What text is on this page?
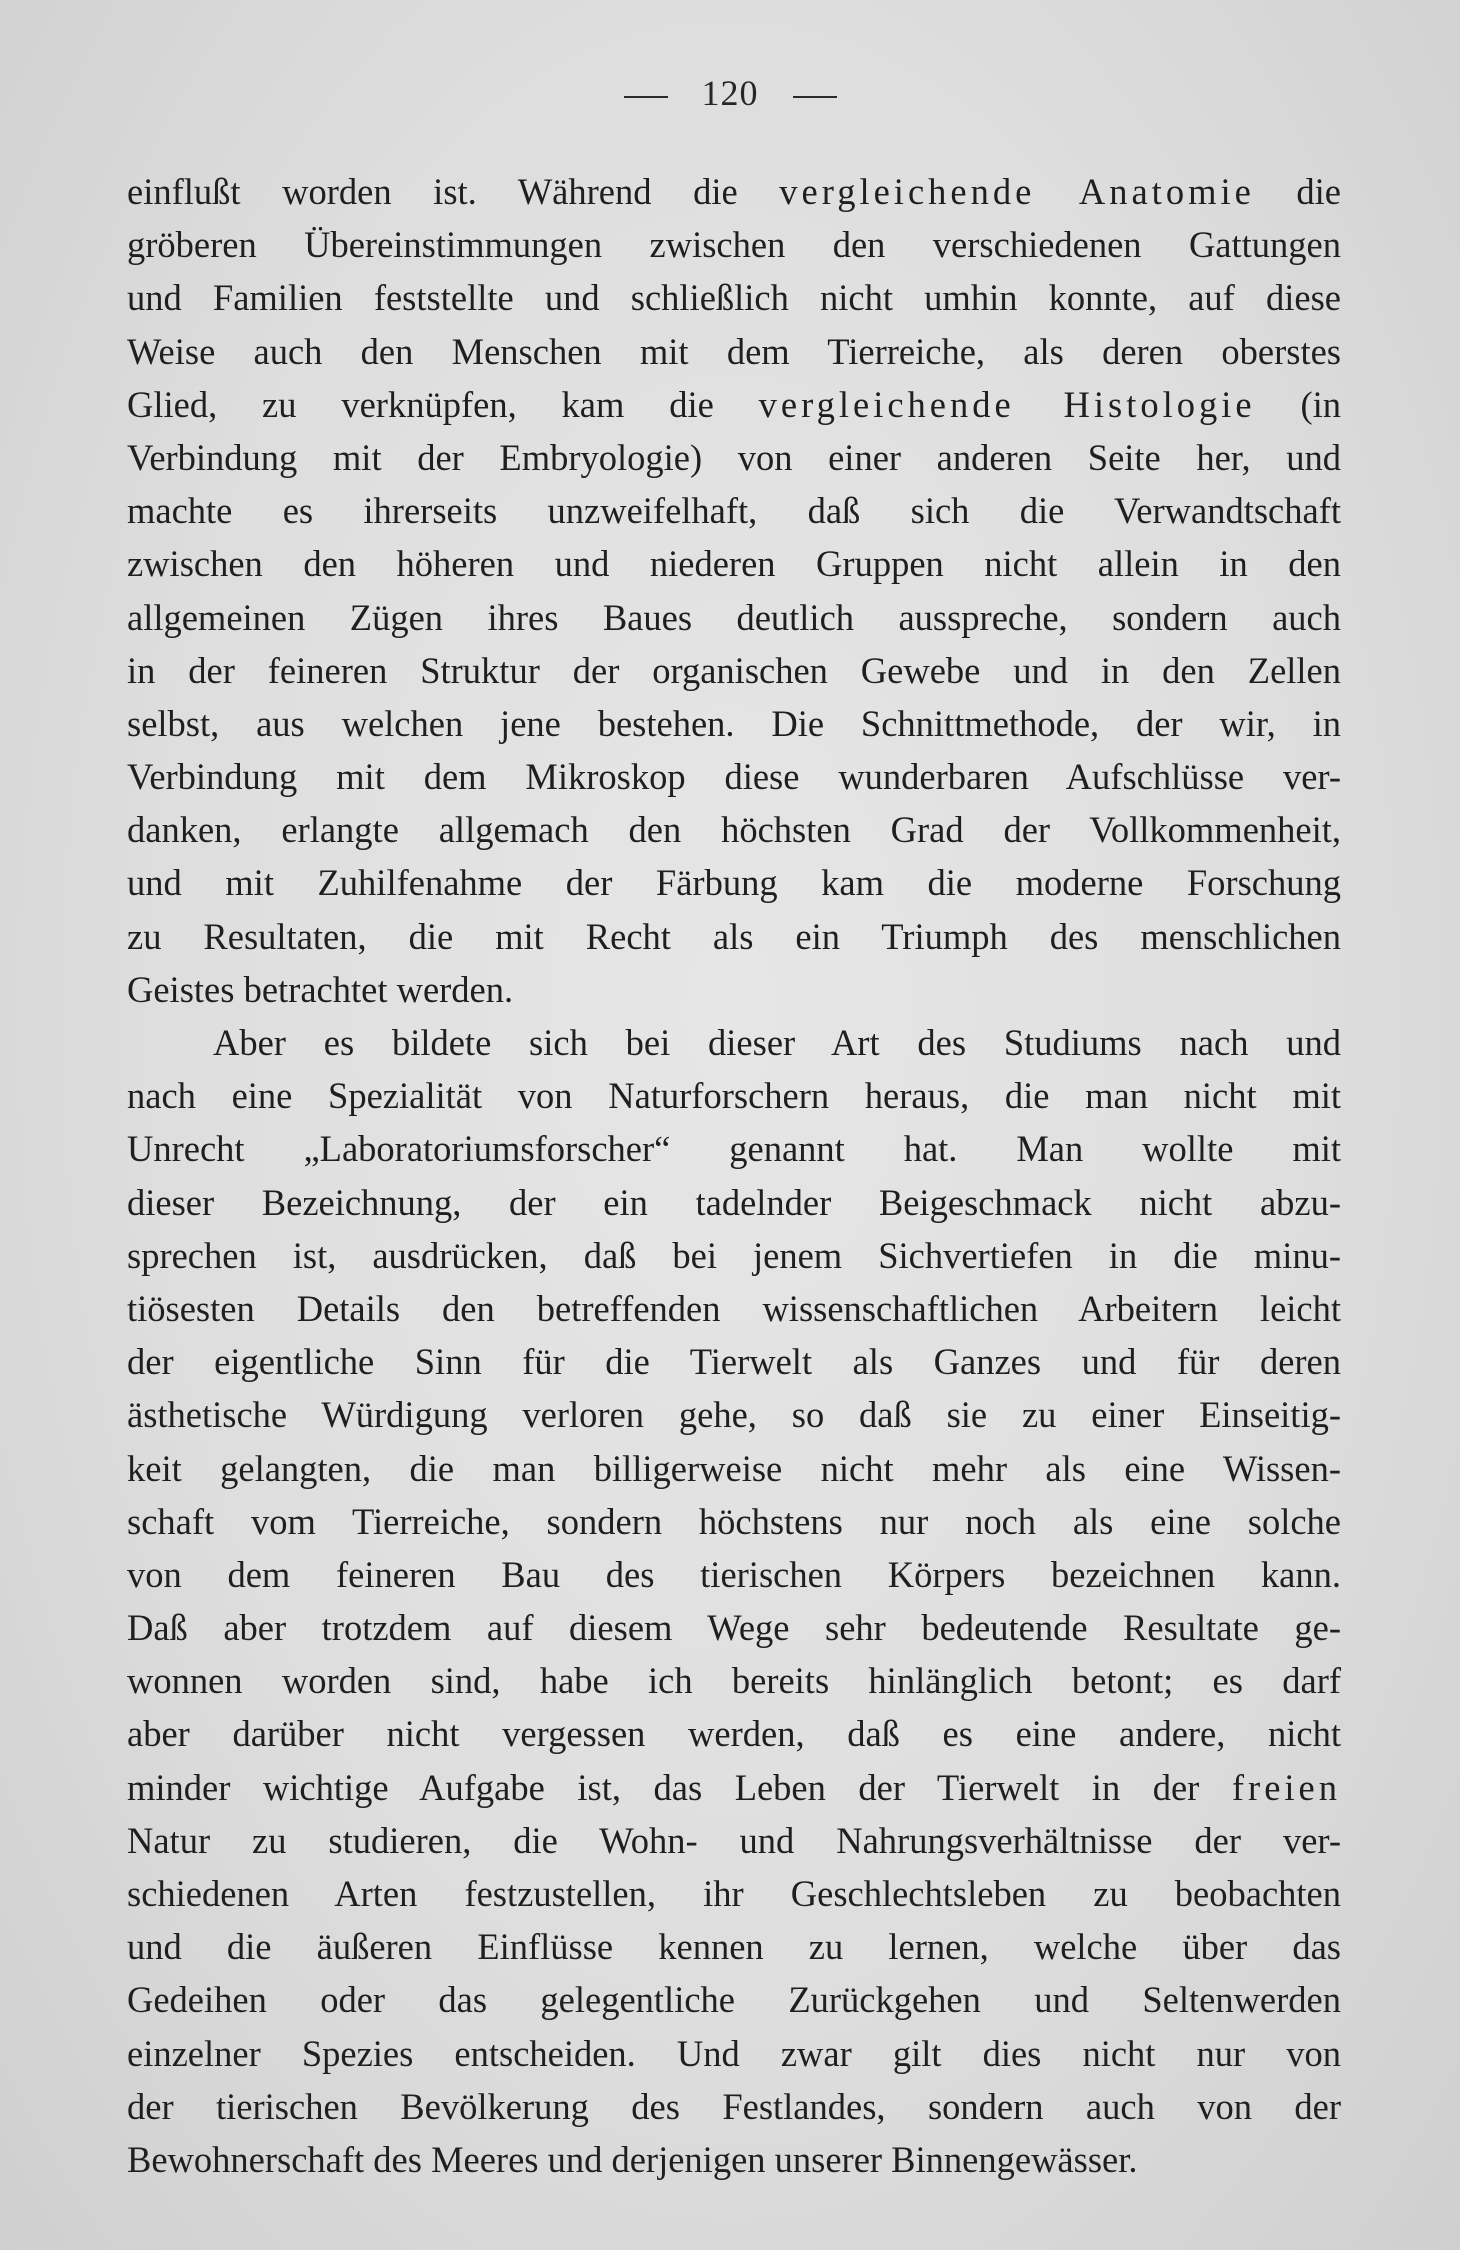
120
einflußt worden ist. Während die vergleichende Anatomie die
gröberen Übereinstimmungen zwischen den verschiedenen Gattungen
und Familien feststellte und schließlich nicht umhin konnte, auf diese
Weise auch den Menschen mit dem Tierreiche, als deren oberstes
Glied, zu verknüpfen, kam die vergleichende Histologie (in
Verbindung mit der Embryologie) von einer anderen Seite her, und
machte es ihrerseits unzweifelhaft, daß sich die Verwandtschaft
zwischen den höheren und niederen Gruppen nicht allein in den
allgemeinen Zügen ihres Baues deutlich ausspreche, sondern auch
in der feineren Struktur der organischen Gewebe und in den Zellen
selbst, aus welchen jene bestehen. Die Schnittmethode, der wir, in
Verbindung mit dem Mikroskop diese wunderbaren Aufschlüsse ver-
danken, erlangte allgemach den höchsten Grad der Vollkommenheit,
und mit Zuhilfenahme der Färbung kam die moderne Forschung
zu Resultaten, die mit Recht als ein Triumph des menschlichen
Geistes betrachtet werden.
Aber es bildete sich bei dieser Art des Studiums nach und
nach eine Spezialität von Naturforschern heraus, die man nicht mit
Unrecht „Laboratoriumsforscher“ genannt hat. Man wollte mit
dieser Bezeichnung, der ein tadelnder Beigeschmack nicht abzu-
sprechen ist, ausdrücken, daß bei jenem Sichvertiefen in die minu-
tiösesten Details den betreffenden wissenschaftlichen Arbeitern leicht
der eigentliche Sinn für die Tierwelt als Ganzes und für deren
ästhetische Würdigung verloren gehe, so daß sie zu einer Einseitig-
keit gelangten, die man billigerweise nicht mehr als eine Wissen-
schaft vom Tierreiche, sondern höchstens nur noch als eine solche
von dem feineren Bau des tierischen Körpers bezeichnen kann.
Daß aber trotzdem auf diesem Wege sehr bedeutende Resultate ge-
wonnen worden sind, habe ich bereits hinlänglich betont; es darf
aber darüber nicht vergessen werden, daß es eine andere, nicht
minder wichtige Aufgabe ist, das Leben der Tierwelt in der freien
Natur zu studieren, die Wohn- und Nahrungsverhältnisse der ver-
schiedenen Arten festzustellen, ihr Geschlechtsleben zu beobachten
und die äußeren Einflüsse kennen zu lernen, welche über das
Gedeihen oder das gelegentliche Zurückgehen und Seltenwerden
einzelner Spezies entscheiden. Und zwar gilt dies nicht nur von
der tierischen Bevölkerung des Festlandes, sondern auch von der
Bewohnerschaft des Meeres und derjenigen unserer Binnengewässer.
